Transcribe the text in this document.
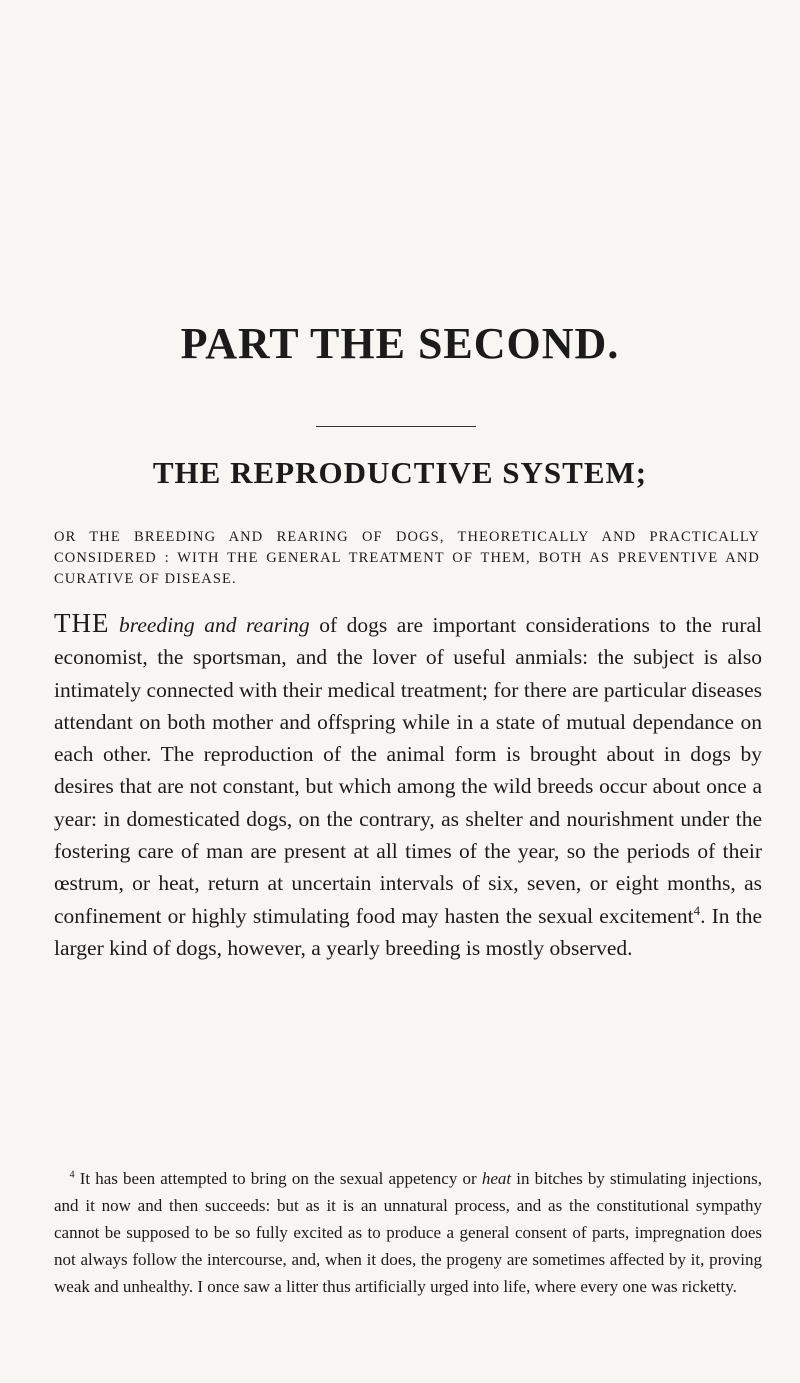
PART THE SECOND.
THE REPRODUCTIVE SYSTEM;

OR THE BREEDING AND REARING OF DOGS, THEORETICALLY AND PRACTICALLY CONSIDERED : WITH THE GENERAL TREATMENT OF THEM, BOTH AS PREVENTIVE AND CURATIVE OF DISEASE.

THE breeding and rearing of dogs are important considerations to the rural economist, the sportsman, and the lover of useful anmials: the subject is also intimately connected with their medical treatment; for there are particular diseases attendant on both mother and offspring while in a state of mutual dependance on each other. The reproduction of the animal form is brought about in dogs by desires that are not constant, but which among the wild breeds occur about once a year: in domesticated dogs, on the contrary, as shelter and nourishment under the fostering care of man are present at all times of the year, so the periods of their œstrum, or heat, return at uncertain intervals of six, seven, or eight months, as confinement or highly stimulating food may hasten the sexual excitement$^4$. In the larger kind of dogs, however, a yearly breeding is mostly observed.

$^4$ It has been attempted to bring on the sexual appetency or heat in bitches by stimulating injections, and it now and then succeeds: but as it is an unnatural process, and as the constitutional sympathy cannot be supposed to be so fully excited as to produce a general consent of parts, impregnation does not always follow the intercourse, and, when it does, the progeny are sometimes affected by it, proving weak and unhealthy. I once saw a litter thus artificially urged into life, where every one was ricketty.
